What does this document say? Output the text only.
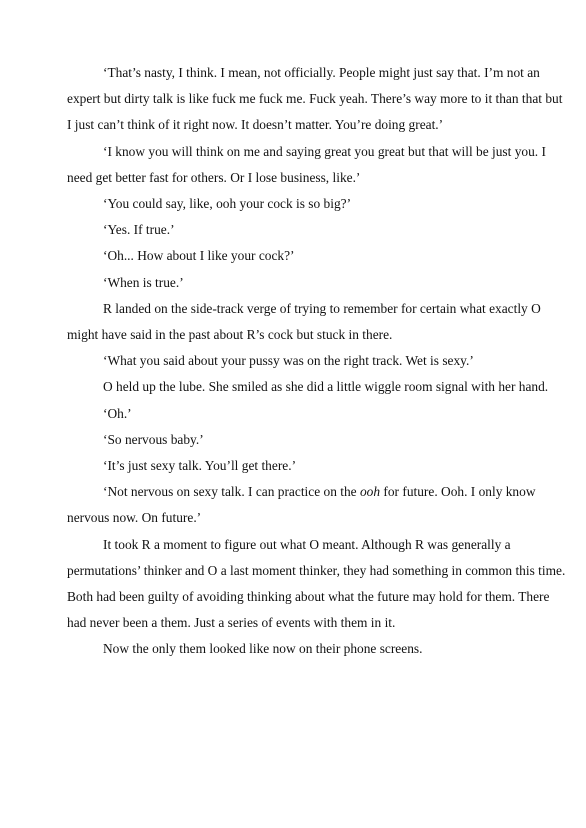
‘That’s nasty, I think. I mean, not officially. People might just say that. I’m not an
expert but dirty talk is like fuck me fuck me. Fuck yeah. There’s way more to it than that but
I just can’t think of it right now. It doesn’t matter. You’re doing great.’

‘I know you will think on me and saying great you great but that will be just you. I
need get better fast for others. Or I lose business, like.’

‘You could say, like, ooh your cock is so big?’

‘Yes. If true.’

‘Oh... How about I like your cock?’

‘When is true.’

R landed on the side-track verge of trying to remember for certain what exactly O
might have said in the past about R’s cock but stuck in there.

‘What you said about your pussy was on the right track. Wet is sexy.’

O held up the lube. She smiled as she did a little wiggle room signal with her hand.

‘Oh.’

‘So nervous baby.’

‘It’s just sexy talk. You’ll get there.’

‘Not nervous on sexy talk. I can practice on the ooh for future. Ooh. I only know
nervous now. On future.’

It took R a moment to figure out what O meant. Although R was generally a
permutations’ thinker and O a last moment thinker, they had something in common this time.
Both had been guilty of avoiding thinking about what the future may hold for them. There
had never been a them. Just a series of events with them in it.

Now the only them looked like now on their phone screens.
